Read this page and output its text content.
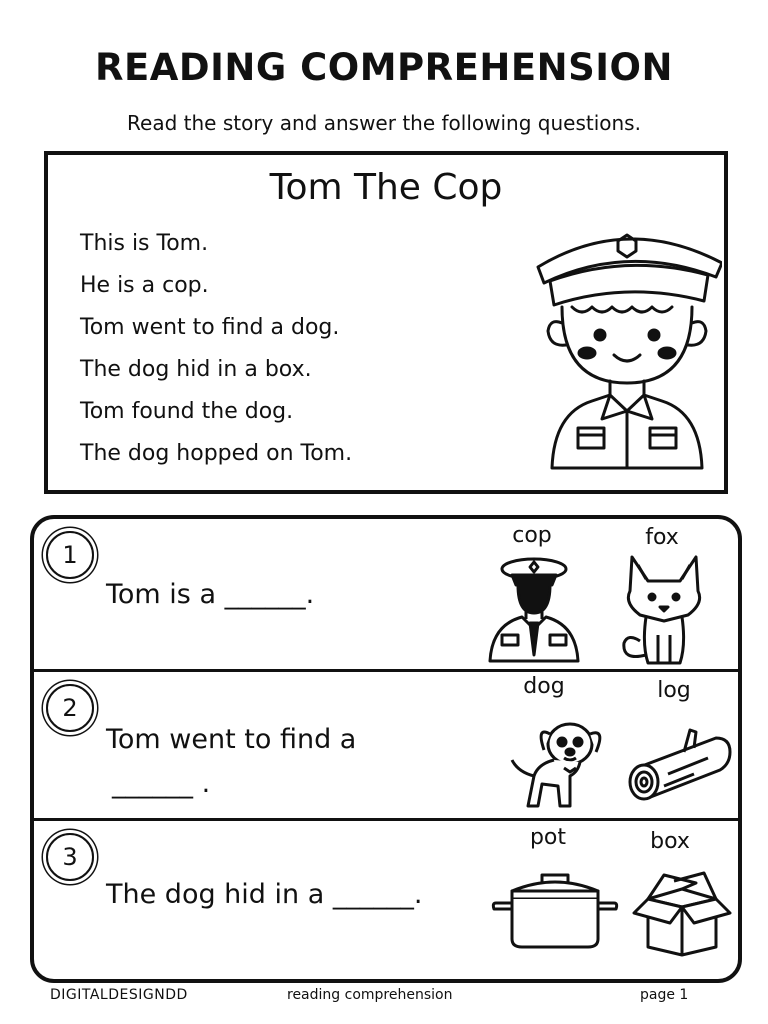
READING COMPREHENSION
Read the story and answer the following questions.
Tom The Cop
This is Tom.
He is a cop.
Tom went to find a dog.
The dog hid in a box.
Tom found the dog.
The dog hopped on Tom.
1
Tom is a ______.
cop	fox
2
Tom went to find a
______ .
dog	log
3
The dog hid in a ______.
pot	box
DIGITALDESIGNDD	reading comprehension	page 1
